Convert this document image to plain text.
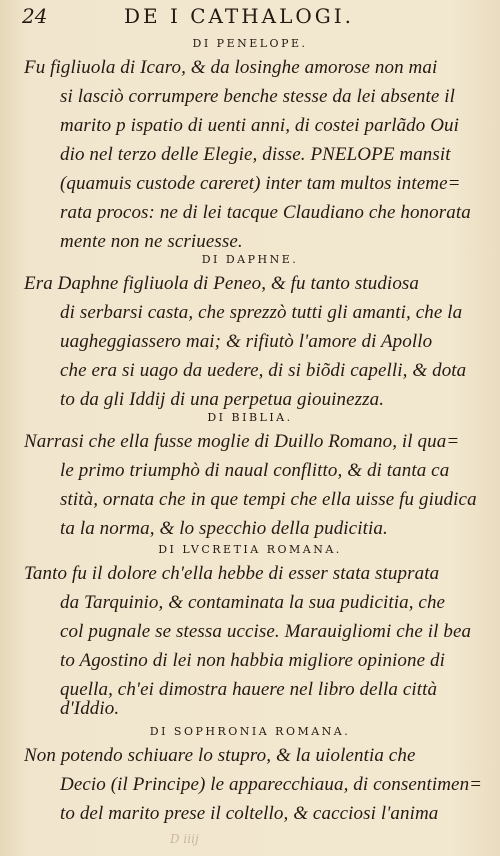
24	DE I CATHALOGI.
DI PENELOPE.
Fu figliuola di Icaro, & da losinghe amorose non mai
si lasciò corrumpere benche stesse da lei absente il
marito p ispatio di uenti anni, di costei parlãdo Oui
dio nel terzo delle Elegie, disse. PNELOPE mansit
(quamuis custode careret) inter tam multos inteme=
rata procos: ne di lei tacque Claudiano che honorata
mente non ne scriuesse.
DI DAPHNE.
Era Daphne figliuola di Peneo, & fu tanto studiosa
di serbarsi casta, che sprezzò tutti gli amanti, che la
uagheggiassero mai; & rifiutò l'amore di Apollo
che era si uago da uedere, di si biõdi capelli, & dota
to da gli Iddij di una perpetua giouinezza.
DI BIBLIA.
Narrasi che ella fusse moglie di Duillo Romano, il qua=
le primo triumphò di naual conflitto, & di tanta ca
stità, ornata che in que tempi che ella uisse fu giudica
ta la norma, & lo specchio della pudicitia.
DI LVCRETIA ROMANA.
Tanto fu il dolore ch'ella hebbe di esser stata stuprata
da Tarquinio, & contaminata la sua pudicitia, che
col pugnale se stessa uccise. Marauigliomi che il bea
to Agostino di lei non habbia migliore opinione di
quella, ch'ei dimostra hauere nel libro della città
d'Iddio.
DI SOPHRONIA ROMANA.
Non potendo schiuare lo stupro, & la uiolentia che
Decio (il Principe) le apparecchiaua, di consentimen=
to del marito prese il coltello, & cacciosi l'anima
D iiij
